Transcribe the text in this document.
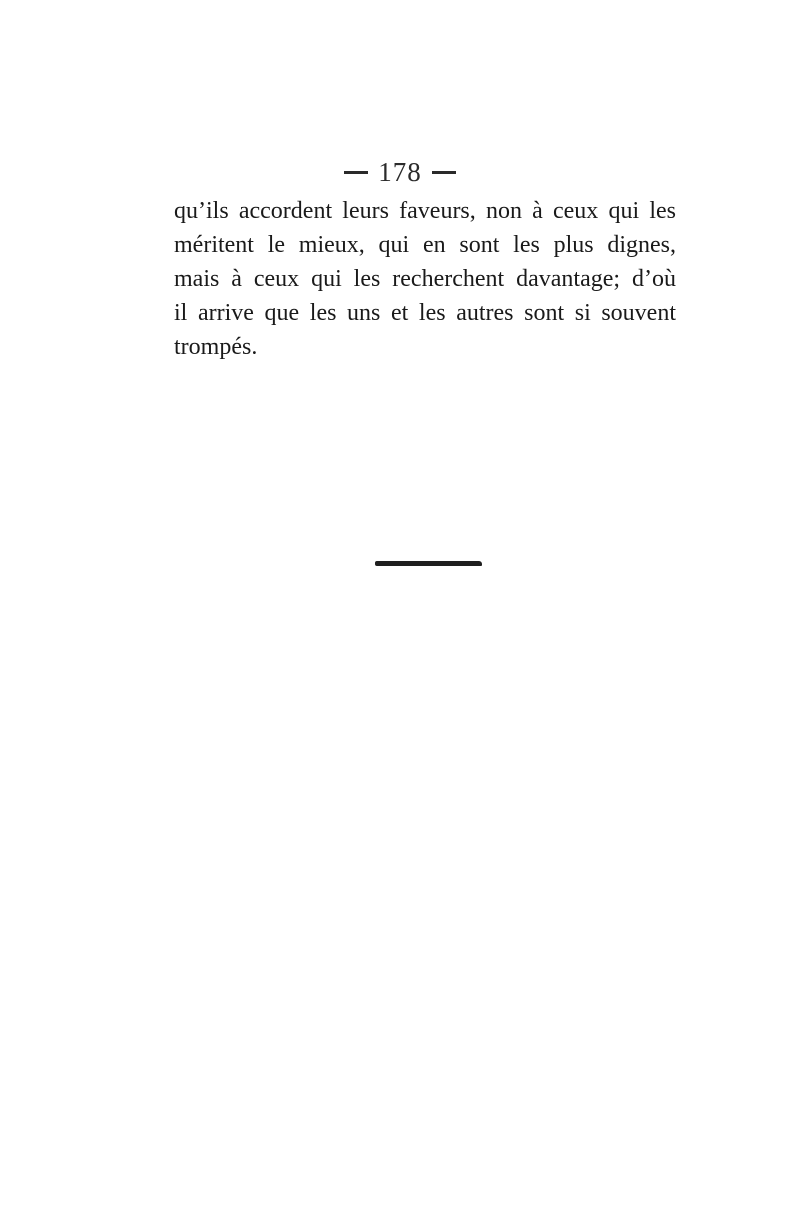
178
qu’ils accordent leurs faveurs, non à ceux qui les
méritent le mieux, qui en sont les plus dignes,
mais à ceux qui les recherchent davantage; d’où
il arrive que les uns et les autres sont si souvent
trompés.
